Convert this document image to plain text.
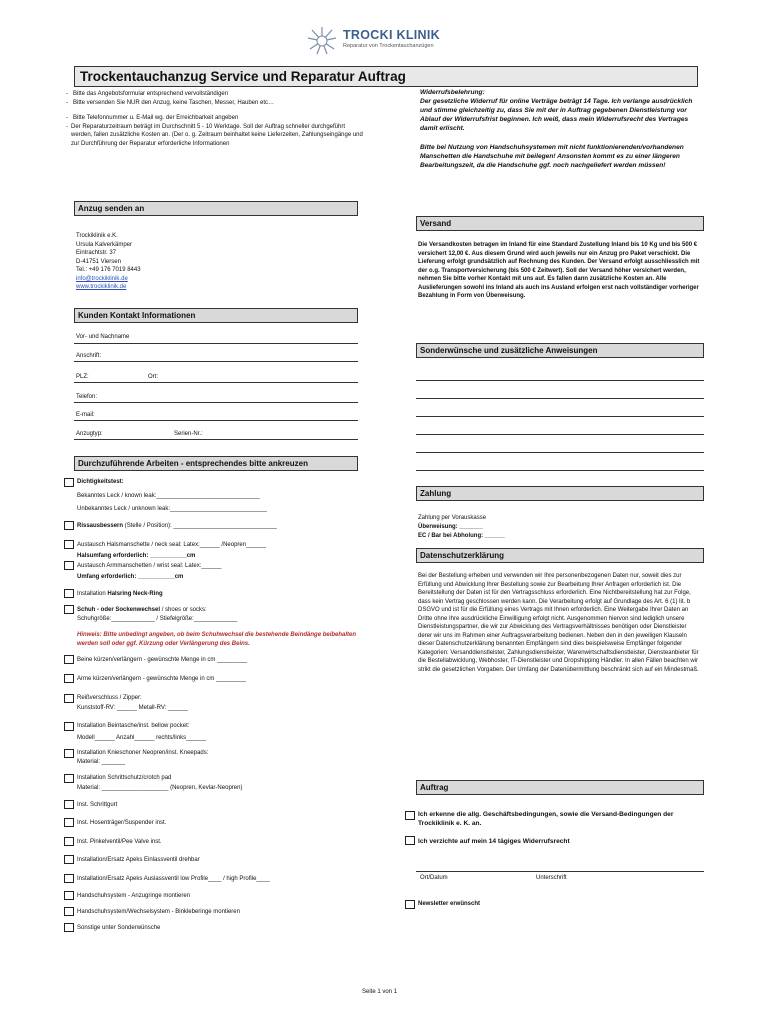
TROCKI KLINIK
Reparatur von Trockentauchanzügen
Trockentauchanzug Service und Reparatur Auftrag
-   Bitte das Angebotsformular entsprechend vervollständigen
-   Bitte versenden Sie NUR den Anzug, keine Taschen, Messer, Hauben etc…
-   Bitte Telefonnummer u. E-Mail wg. der Erreichbarkeit angeben
-
Der Reparaturzeitraum beträgt im Durchschnitt 5 - 10 Werktage. Soll der Auftrag schneller durchgeführt werden, fallen zusätzliche Kosten an. (Der o. g. Zeitraum beinhaltet keine Lieferzeiten, Zahlungseingänge und zur Durchführung der Reparatur erforderliche Informationen
Widerrufsbelehrung:
Der gesetzliche Widerruf für online Verträge beträgt 14 Tage. Ich verlange ausdrücklich und stimme gleichzeitig zu, dass Sie mit der in Auftrag gegebenen Dienstleistung vor Ablauf der Widerrufsfrist beginnen. Ich weiß, dass mein Widerrufsrecht des Vertrages damit erlischt.
Bitte bei Nutzung von Handschuhsystemen mit nicht funktionierenden/vorhandenen Manschetten die Handschuhe mit beilegen! Ansonsten kommt es zu einer längeren Bearbeitungszeit, da die Handschuhe ggf. noch nachgeliefert werden müssen!
Anzug senden an
Trockiklinik e.K.
Ursula Kalverkämper
Eintrachtstr. 37
D-41751 Viersen
Tel.: +49 176 7019 8443
info@trockiklinik.de
www.trockiklinik.de
Kunden Kontakt Informationen
Vor- und Nachname
Anschrift:
PLZ:	Ort:
Telefon:
E-mail:
Anzugtyp:	Serien-Nr.:
Durchzuführende Arbeiten - entsprechendes bitte ankreuzen
Dichtigkeitstest:
Bekanntes Leck / known leak:_______________________________
Unbekanntes Leck / unknown leak:_____________________________
Rissausbessern (Stelle / Position): _______________________________
Austausch Halsmanschette / neck seal: Latex:______ /Neopren______
Halsumfang erforderlich: ___________cm
Austausch Armmanschetten / wrist seal: Latex:______
Umfang erforderlich: ___________cm
Installation Halsring Neck-Ring
Schuh - oder Sockenwechsel / shoes or socks:
Schuhgröße:_____________ / Stiefelgröße:_____________
Hinweis: Bitte unbedingt angeben, ob beim Schuhwechsel die bestehende Beindänge beibehalten werden soll oder ggf. Kürzung oder Verlängerung des Beins.
Beine kürzen/verlängern - gewünschte Menge in cm _________
Arme kürzen/verlängern - gewünschte Menge in cm _________
Reißverschluss / Zipper:
Kunststoff-RV: ______ Metall-RV: ______
Installation Beintasche/inst. bellow pocket:
Modell______ Anzahl______ rechts/links______
Installation Knieschoner Neopren/inst. Kneepads:
Material: _______
Installation Schrittschutz/crotch pad
Material: ____________________ (Neopren, Kevlar-Neopren)
Inst. Schrittgurt
Inst. Hosenträger/Suspender inst.
Inst. Pinkelventil/Pee Valve inst.
Installation/Ersatz Apeks Einlassventil drehbar
Installation/Ersatz Apeks Auslassventil low Profile____ / high Profile____
Handschuhsystem - Anzugringe montieren
Handschuhsystem/Wechselsystem - Binkleberinge montieren
Sonstige unter Sonderwünsche
Versand
Die Versandkosten betragen im Inland für eine Standard Zustellung Inland bis 10 Kg und bis 500 € versichert 12,00 €. Aus diesem Grund wird auch jeweils nur ein Anzug pro Paket verschickt. Die Lieferung erfolgt grundsätzlich auf Rechnung des Kunden. Der Versand erfolgt ausschliesslich mit der o.g. Transportversicherung (bis 500 € Zeitwert). Soll der Versand höher versichert werden, nehmen Sie bitte vorher Kontakt mit uns auf. Es fallen dann zusätzliche Kosten an. Alle Auslieferungen sowohl ins Inland als auch ins Ausland erfolgen erst nach vollständiger vorheriger Bezahlung in Form von Überweisung.
Sonderwünsche und zusätzliche Anweisungen
Zahlung
Zahlung per Vorauskasse
Überweisung: _______
EC / Bar bei Abholung: ______
Datenschutzerklärung
Bei der Bestellung erheben und verwenden wir Ihre personenbezogenen Daten nur, soweit dies zur Erfüllung und Abwicklung Ihrer Bestellung sowie zur Bearbeitung Ihrer Anfragen erforderlich ist. Die Bereitstellung der Daten ist für den Vertragsschluss erforderlich. Eine Nichtbereitstellung hat zur Folge, dass kein Vertrag geschlossen werden kann. Die Verarbeitung erfolgt auf Grundlage des Art. 6 (1) lit. b DSGVO und ist für die Erfüllung eines Vertrags mit Ihnen erforderlich. Eine Weitergabe Ihrer Daten an Dritte ohne Ihre ausdrückliche Einwilligung erfolgt nicht. Ausgenommen hiervon sind lediglich unsere Dienstleistungspartner, die wir zur Abwicklung des Vertragsverhältnisses benötigen oder Dienstleister derer wir uns im Rahmen einer Auftragsverarbeitung bedienen. Neben den in den jeweiligen Klauseln dieser Datenschutzerklärung benannten Empfängern sind dies beispielsweise Empfänger folgender Kategorien: Versanddienstleister, Zahlungsdienstleister, Warenwirtschaftsdienstleister, Diensteanbieter für die Bestellabwicklung, Webhoster, IT-Dienstleister und Dropshipping Händler. In allen Fällen beachten wir strikt die gesetzlichen Vorgaben. Der Umfang der Datenübermittlung beschränkt sich auf ein Mindestmaß.
Auftrag
Ich erkenne die allg. Geschäftsbedingungen, sowie die Versand-Bedingungen der Trockiklinik e. K. an.
Ich verzichte auf mein 14 tägiges Widerrufsrecht
Ort/Datum	Unterschrift
Newsletter erwünscht
Seite 1 von 1
